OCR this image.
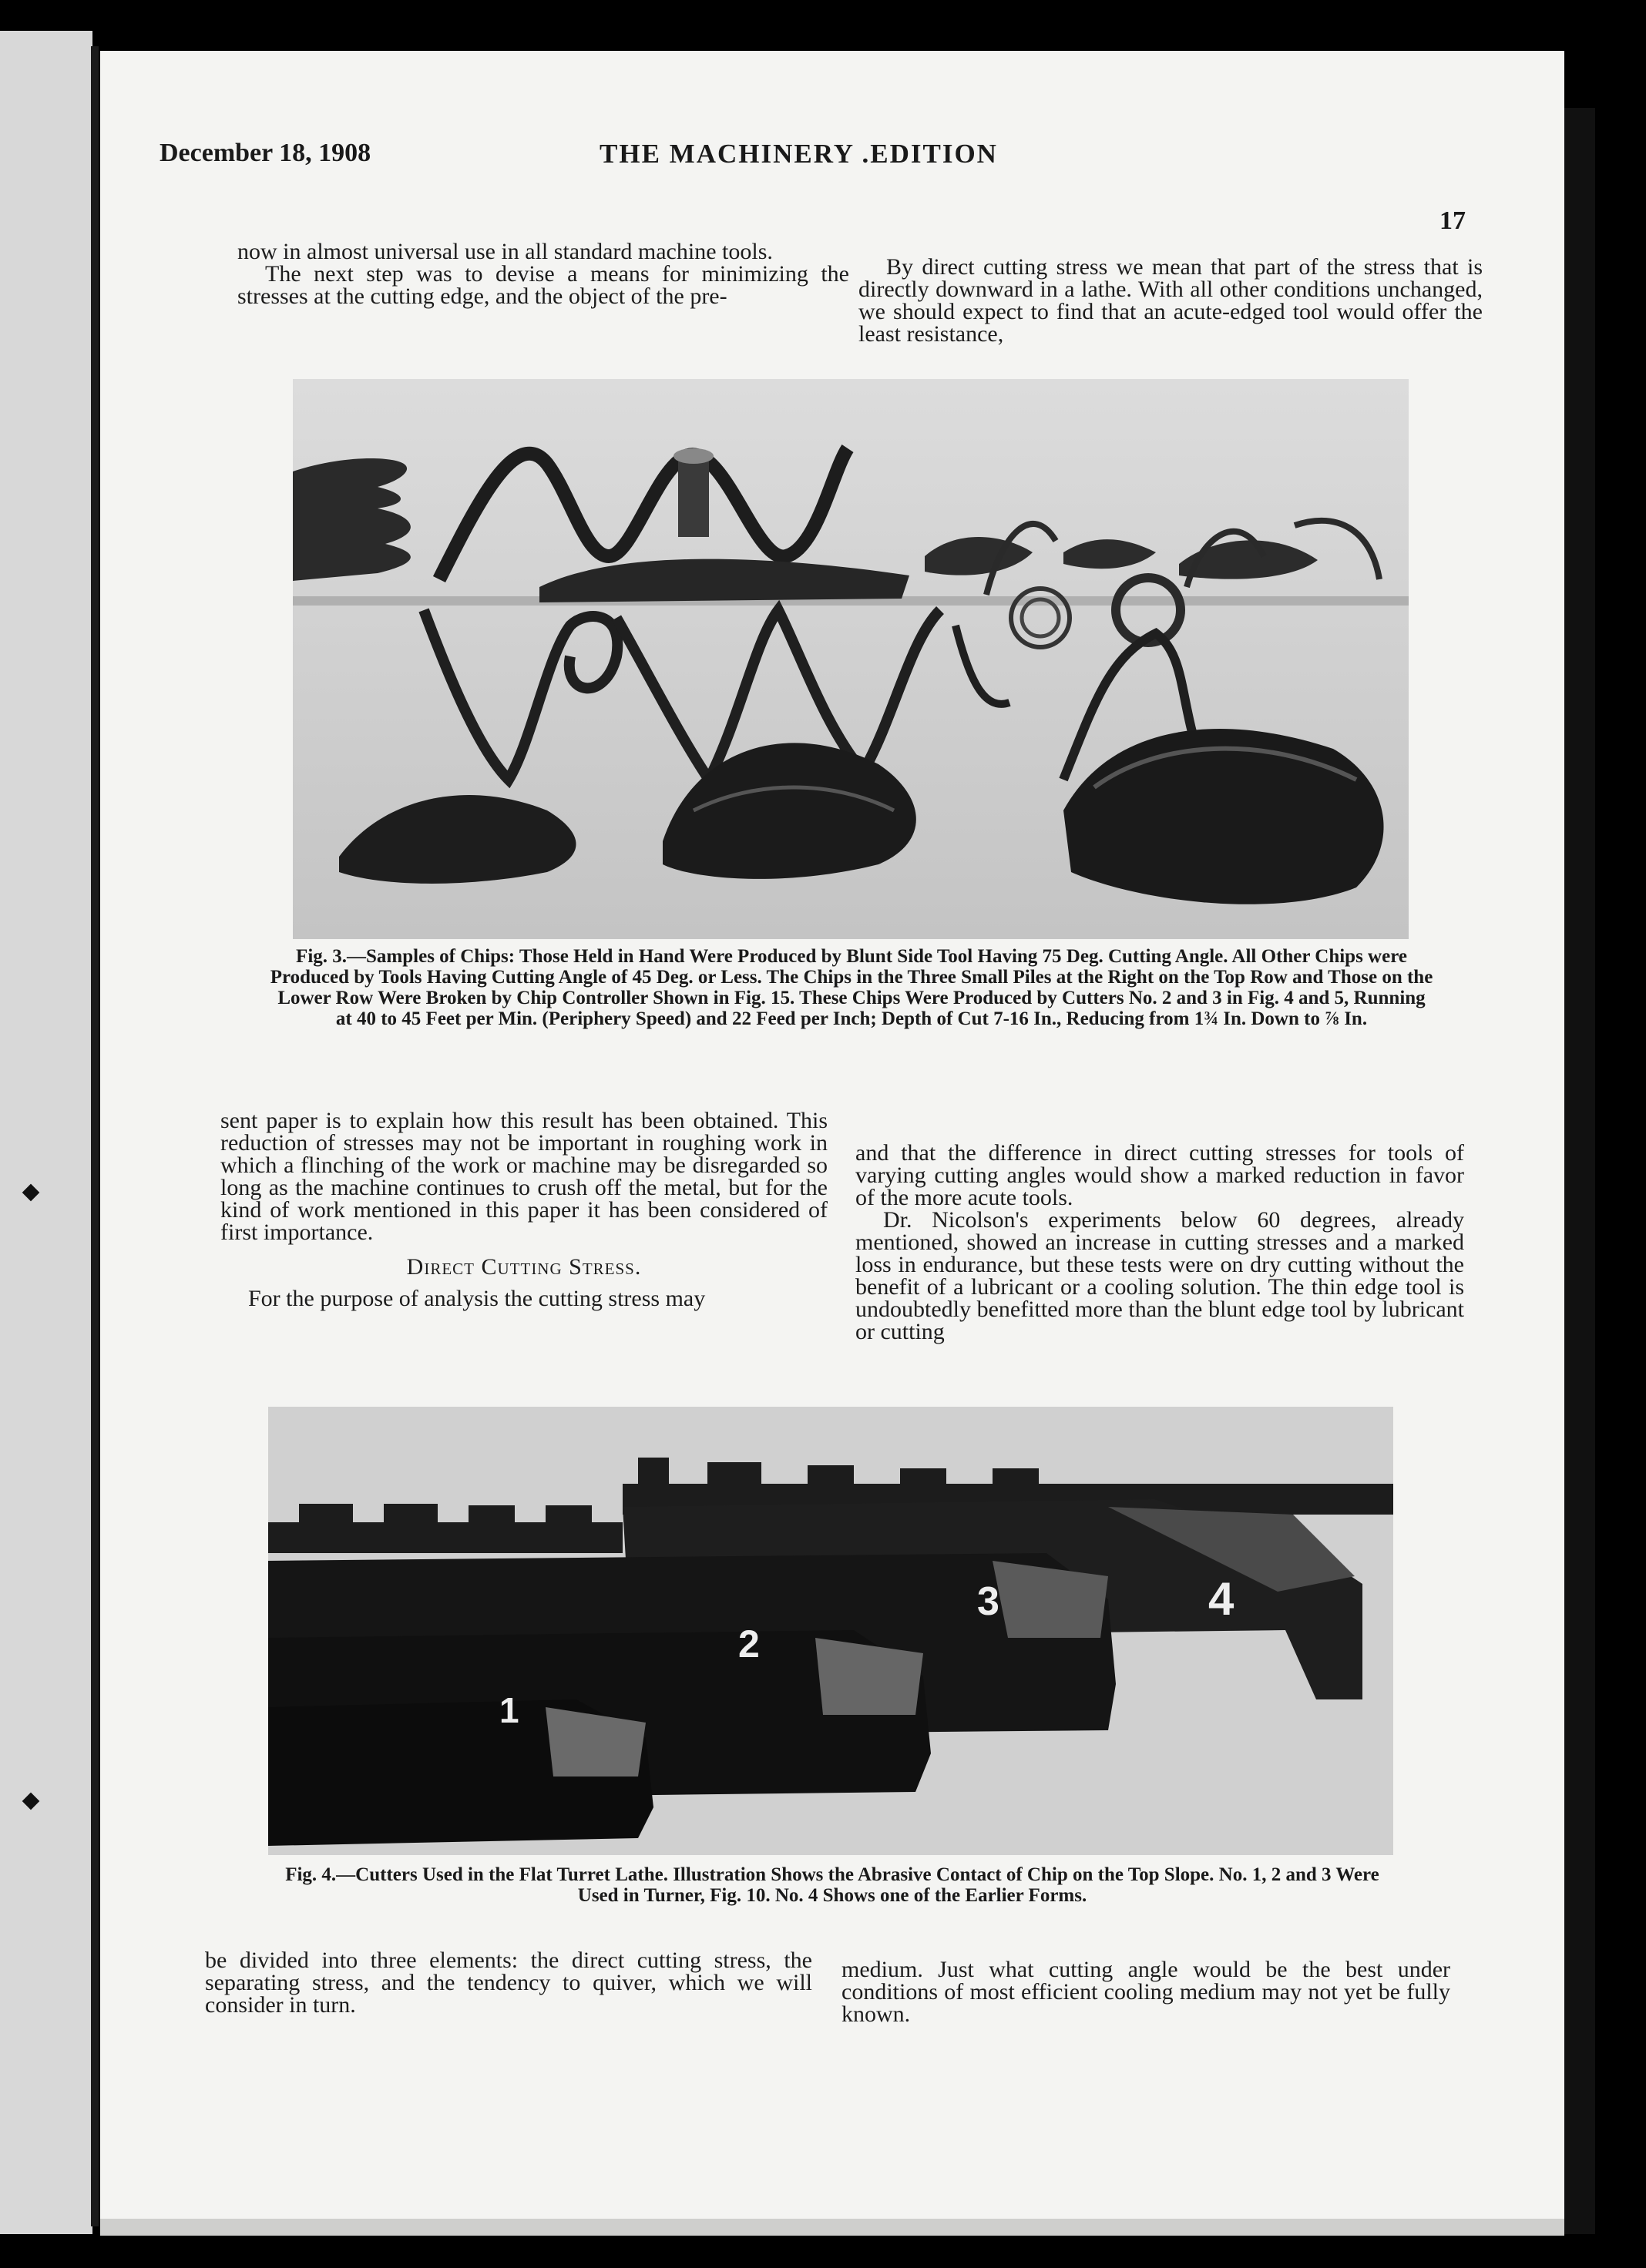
December 18, 1908	THE MACHINERY .EDITION
17

now in almost universal use in all standard machine tools.

The next step was to devise a means for minimizing the stresses at the cutting edge, and the object of the pre-

By direct cutting stress we mean that part of the stress that is directly downward in a lathe. With all other conditions unchanged, we should expect to find that an acute-edged tool would offer the least resistance,

Fig. 3.—Samples of Chips: Those Held in Hand Were Produced by Blunt Side Tool Having 75 Deg. Cutting Angle. All Other Chips were Produced by Tools Having Cutting Angle of 45 Deg. or Less. The Chips in the Three Small Piles at the Right on the Top Row and Those on the Lower Row Were Broken by Chip Controller Shown in Fig. 15. These Chips Were Produced by Cutters No. 2 and 3 in Fig. 4 and 5, Running at 40 to 45 Feet per Min. (Periphery Speed) and 22 Feed per Inch; Depth of Cut 7-16 In., Reducing from 1¾ In. Down to ⅞ In.

sent paper is to explain how this result has been obtained. This reduction of stresses may not be important in roughing work in which a flinching of the work or machine may be disregarded so long as the machine continues to crush off the metal, but for the kind of work mentioned in this paper it has been considered of first importance.

Direct Cutting Stress.

For the purpose of analysis the cutting stress may

and that the difference in direct cutting stresses for tools of varying cutting angles would show a marked reduction in favor of the more acute tools.

Dr. Nicolson's experiments below 60 degrees, already mentioned, showed an increase in cutting stresses and a marked loss in endurance, but these tests were on dry cutting without the benefit of a lubricant or a cooling solution. The thin edge tool is undoubtedly benefitted more than the blunt edge tool by lubricant or cutting

4
3
2
1
Fig. 4.—Cutters Used in the Flat Turret Lathe. Illustration Shows the Abrasive Contact of Chip on the Top Slope. No. 1, 2 and 3 Were Used in Turner, Fig. 10. No. 4 Shows one of the Earlier Forms.

be divided into three elements: the direct cutting stress, the separating stress, and the tendency to quiver, which we will consider in turn.

medium. Just what cutting angle would be the best under conditions of most efficient cooling medium may not yet be fully known.
